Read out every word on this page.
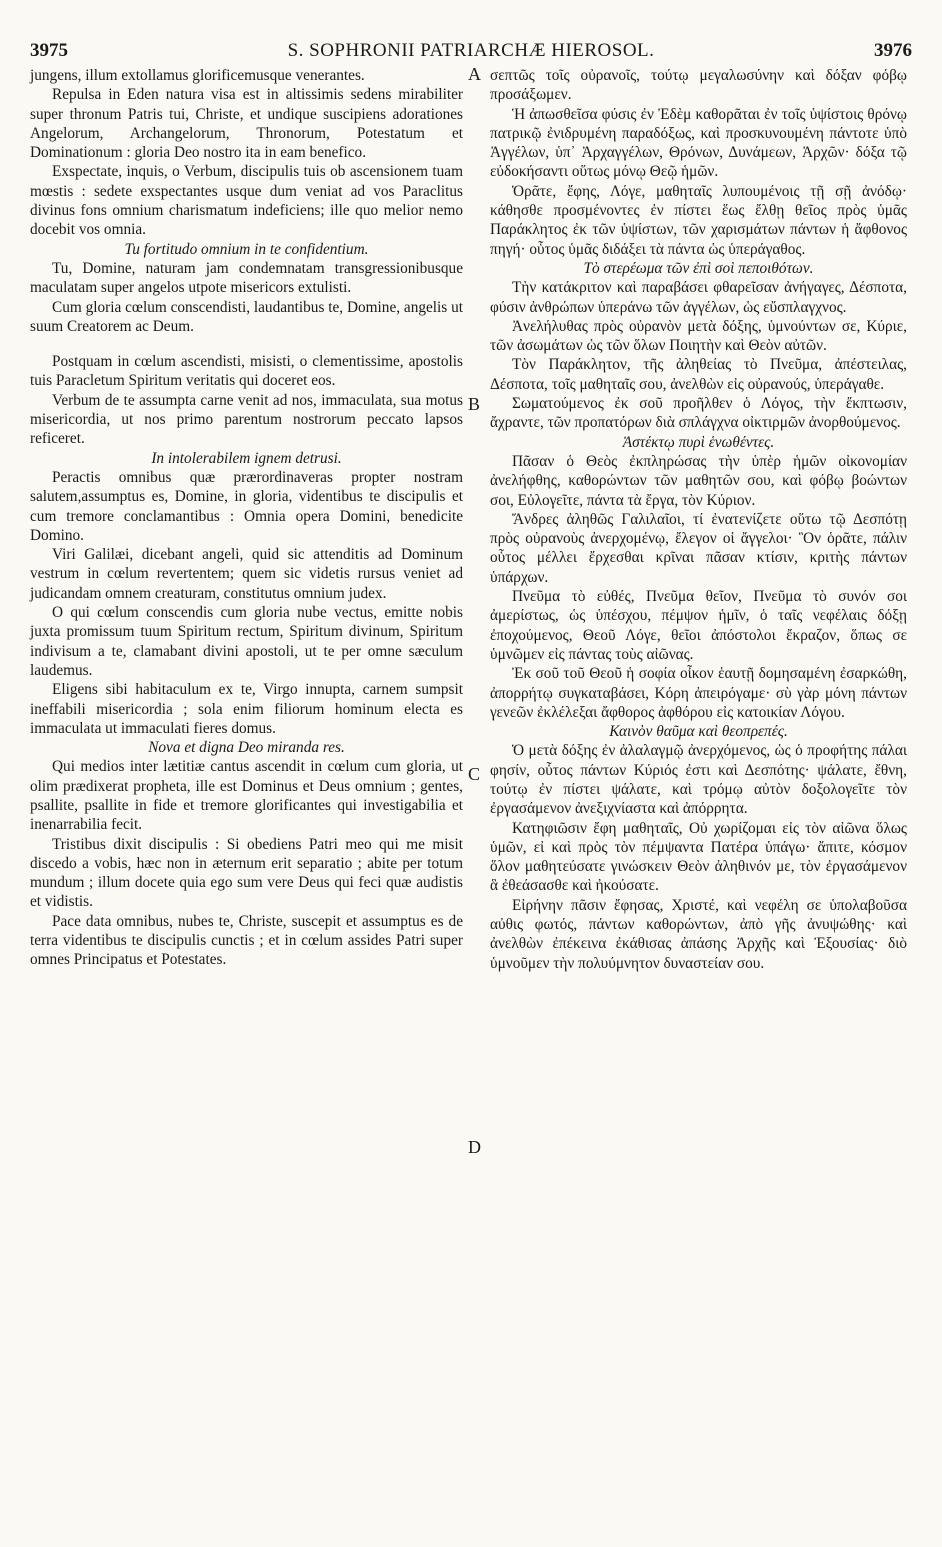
3975	S. SOPHRONII PATRIARCHÆ HIEROSOL.	3976
A
B
C
D

jungens, illum extollamus glorificemusque venerantes.

Repulsa in Eden natura visa est in altissimis sedens mirabiliter super thronum Patris tui, Christe, et undique suscipiens adorationes Angelorum, Archangelorum, Thronorum, Potestatum et Dominationum : gloria Deo nostro ita in eam benefico.

Exspectate, inquis, o Verbum, discipulis tuis ob ascensionem tuam mœstis : sedete exspectantes usque dum veniat ad vos Paraclitus divinus fons omnium charismatum indeficiens; ille quo melior nemo docebit vos omnia.

Tu fortitudo omnium in te confidentium.

Tu, Domine, naturam jam condemnatam transgressionibusque maculatam super angelos utpote misericors extulisti.

Cum gloria cœlum conscendisti, laudantibus te, Domine, angelis ut suum Creatorem ac Deum.

Postquam in cœlum ascendisti, misisti, o clementissime, apostolis tuis Paracletum Spiritum veritatis qui doceret eos.

Verbum de te assumpta carne venit ad nos, immaculata, sua motus misericordia, ut nos primo parentum nostrorum peccato lapsos reficeret.

In intolerabilem ignem detrusi.

Peractis omnibus quæ prærordinaveras propter nostram salutem,assumptus es, Domine, in gloria, videntibus te discipulis et cum tremore conclamantibus : Omnia opera Domini, benedicite Domino.

Viri Galilæi, dicebant angeli, quid sic attenditis ad Dominum vestrum in cœlum revertentem; quem sic videtis rursus veniet ad judicandam omnem creaturam, constitutus omnium judex.

O qui cœlum conscendis cum gloria nube vectus, emitte nobis juxta promissum tuum Spiritum rectum, Spiritum divinum, Spiritum indivisum a te, clamabant divini apostoli, ut te per omne sæculum laudemus.

Eligens sibi habitaculum ex te, Virgo innupta, carnem sumpsit ineffabili misericordia ; sola enim filiorum hominum electa es immaculata ut immaculati fieres domus.

Nova et digna Deo miranda res.

Qui medios inter lætitiæ cantus ascendit in cœlum cum gloria, ut olim prædixerat propheta, ille est Dominus et Deus omnium ; gentes, psallite, psallite in fide et tremore glorificantes qui investigabilia et inenarrabilia fecit.

Tristibus dixit discipulis : Si obediens Patri meo qui me misit discedo a vobis, hæc non in æternum erit separatio ; abite per totum mundum ; illum docete quia ego sum vere Deus qui feci quæ audistis et vidistis.

Pace data omnibus, nubes te, Christe, suscepit et assumptus es de terra videntibus te discipulis cunctis ; et in cœlum assides Patri super omnes Principatus et Potestates.

σεπτῶς τοῖς οὐρανοῖς, τούτῳ μεγαλωσύνην καὶ δόξαν φόβῳ προσάξωμεν.

Ἡ ἀπωσθεῖσα φύσις ἐν Ἐδὲμ καθορᾶται ἐν τοῖς ὑψίστοις θρόνῳ πατρικῷ ἐνιδρυμένη παραδόξως, καὶ προσκυνουμένη πάντοτε ὑπὸ Ἀγγέλων, ὑπ᾽ Ἀρχαγγέλων, Θρόνων, Δυνάμεων, Ἀρχῶν· δόξα τῷ εὐδοκήσαντι οὕτως μόνῳ Θεῷ ἡμῶν.

Ὁρᾶτε, ἔφης, Λόγε, μαθηταῖς λυπουμένοις τῇ σῇ ἀνόδῳ· κάθησθε προσμένοντες ἐν πίστει ἕως ἔλθῃ θεῖος πρὸς ὑμᾶς Παράκλητος ἐκ τῶν ὑψίστων, τῶν χαρισμάτων πάντων ἡ ἄφθονος πηγή· οὗτος ὑμᾶς διδάξει τὰ πάντα ὡς ὑπεράγαθος.

Τὸ στερέωμα τῶν ἐπὶ σοὶ πεποιθότων.

Τὴν κατάκριτον καὶ παραβάσει φθαρεῖσαν ἀνήγαγες, Δέσποτα, φύσιν ἀνθρώπων ὑπεράνω τῶν ἀγγέλων, ὡς εὔσπλαγχνος.

Ἀνελήλυθας πρὸς οὐρανὸν μετὰ δόξης, ὑμνούντων σε, Κύριε, τῶν ἀσωμάτων ὡς τῶν ὅλων Ποιητὴν καὶ Θεὸν αὐτῶν.

Τὸν Παράκλητον, τῆς ἀληθείας τὸ Πνεῦμα, ἀπέστειλας, Δέσποτα, τοῖς μαθηταῖς σου, ἀνελθὼν εἰς οὐρανούς, ὑπεράγαθε.

Σωματούμενος ἐκ σοῦ προῆλθεν ὁ Λόγος, τὴν ἔκπτωσιν, ἄχραντε, τῶν προπατόρων διὰ σπλάγχνα οἰκτιρμῶν ἀνορθούμενος.

Ἀστέκτῳ πυρὶ ἑνωθέντες.

Πᾶσαν ὁ Θεὸς ἐκπληρώσας τὴν ὑπὲρ ἡμῶν οἰκονομίαν ἀνελήφθης, καθορώντων τῶν μαθητῶν σου, καὶ φόβῳ βοώντων σοι, Εὐλογεῖτε, πάντα τὰ ἔργα, τὸν Κύριον.

Ἄνδρες ἀληθῶς Γαλιλαῖοι, τί ἐνατενίζετε οὕτω τῷ Δεσπότῃ πρὸς οὐρανοὺς ἀνερχομένῳ, ἔλεγον οἱ ἄγγελοι· Ὃν ὁρᾶτε, πάλιν οὗτος μέλλει ἔρχεσθαι κρῖναι πᾶσαν κτίσιν, κριτὴς πάντων ὑπάρχων.

Πνεῦμα τὸ εὐθές, Πνεῦμα θεῖον, Πνεῦμα τὸ συνόν σοι ἀμερίστως, ὡς ὑπέσχου, πέμψον ἡμῖν, ὁ ταῖς νεφέλαις δόξῃ ἐποχούμενος, Θεοῦ Λόγε, θεῖοι ἀπόστολοι ἔκραζον, ὅπως σε ὑμνῶμεν εἰς πάντας τοὺς αἰῶνας.

Ἐκ σοῦ τοῦ Θεοῦ ἡ σοφία οἶκον ἑαυτῇ δομησαμένη ἐσαρκώθη, ἀπορρήτῳ συγκαταβάσει, Κόρη ἀπειρόγαμε· σὺ γὰρ μόνη πάντων γενεῶν ἐκλέλεξαι ἄφθορος ἀφθόρου εἰς κατοικίαν Λόγου.

Καινὸν θαῦμα καὶ θεοπρεπές.

Ὁ μετὰ δόξης ἐν ἀλαλαγμῷ ἀνερχόμενος, ὡς ὁ προφήτης πάλαι φησίν, οὗτος πάντων Κύριός ἐστι καὶ Δεσπότης· ψάλατε, ἔθνη, τούτῳ ἐν πίστει ψάλατε, καὶ τρόμῳ αὐτὸν δοξολογεῖτε τὸν ἐργασάμενον ἀνεξιχνίαστα καὶ ἀπόρρητα.

Κατηφιῶσιν ἔφη μαθηταῖς, Οὐ χωρίζομαι εἰς τὸν αἰῶνα ὅλως ὑμῶν, εἰ καὶ πρὸς τὸν πέμψαντα Πατέρα ὑπάγω· ἄπιτε, κόσμον ὅλον μαθητεύσατε γινώσκειν Θεὸν ἀληθινόν με, τὸν ἐργασάμενον ἃ ἐθεάσασθε καὶ ἠκούσατε.

Εἰρήνην πᾶσιν ἔφησας, Χριστέ, καὶ νεφέλη σε ὑπολαβοῦσα αὐθις φωτός, πάντων καθορώντων, ἀπὸ γῆς ἀνυψώθης· καὶ ἀνελθὼν ἐπέκεινα ἐκάθισας ἀπάσης Ἀρχῆς καὶ Ἐξουσίας· διὸ ὑμνοῦμεν τὴν πολυύμνητον δυναστείαν σου.
